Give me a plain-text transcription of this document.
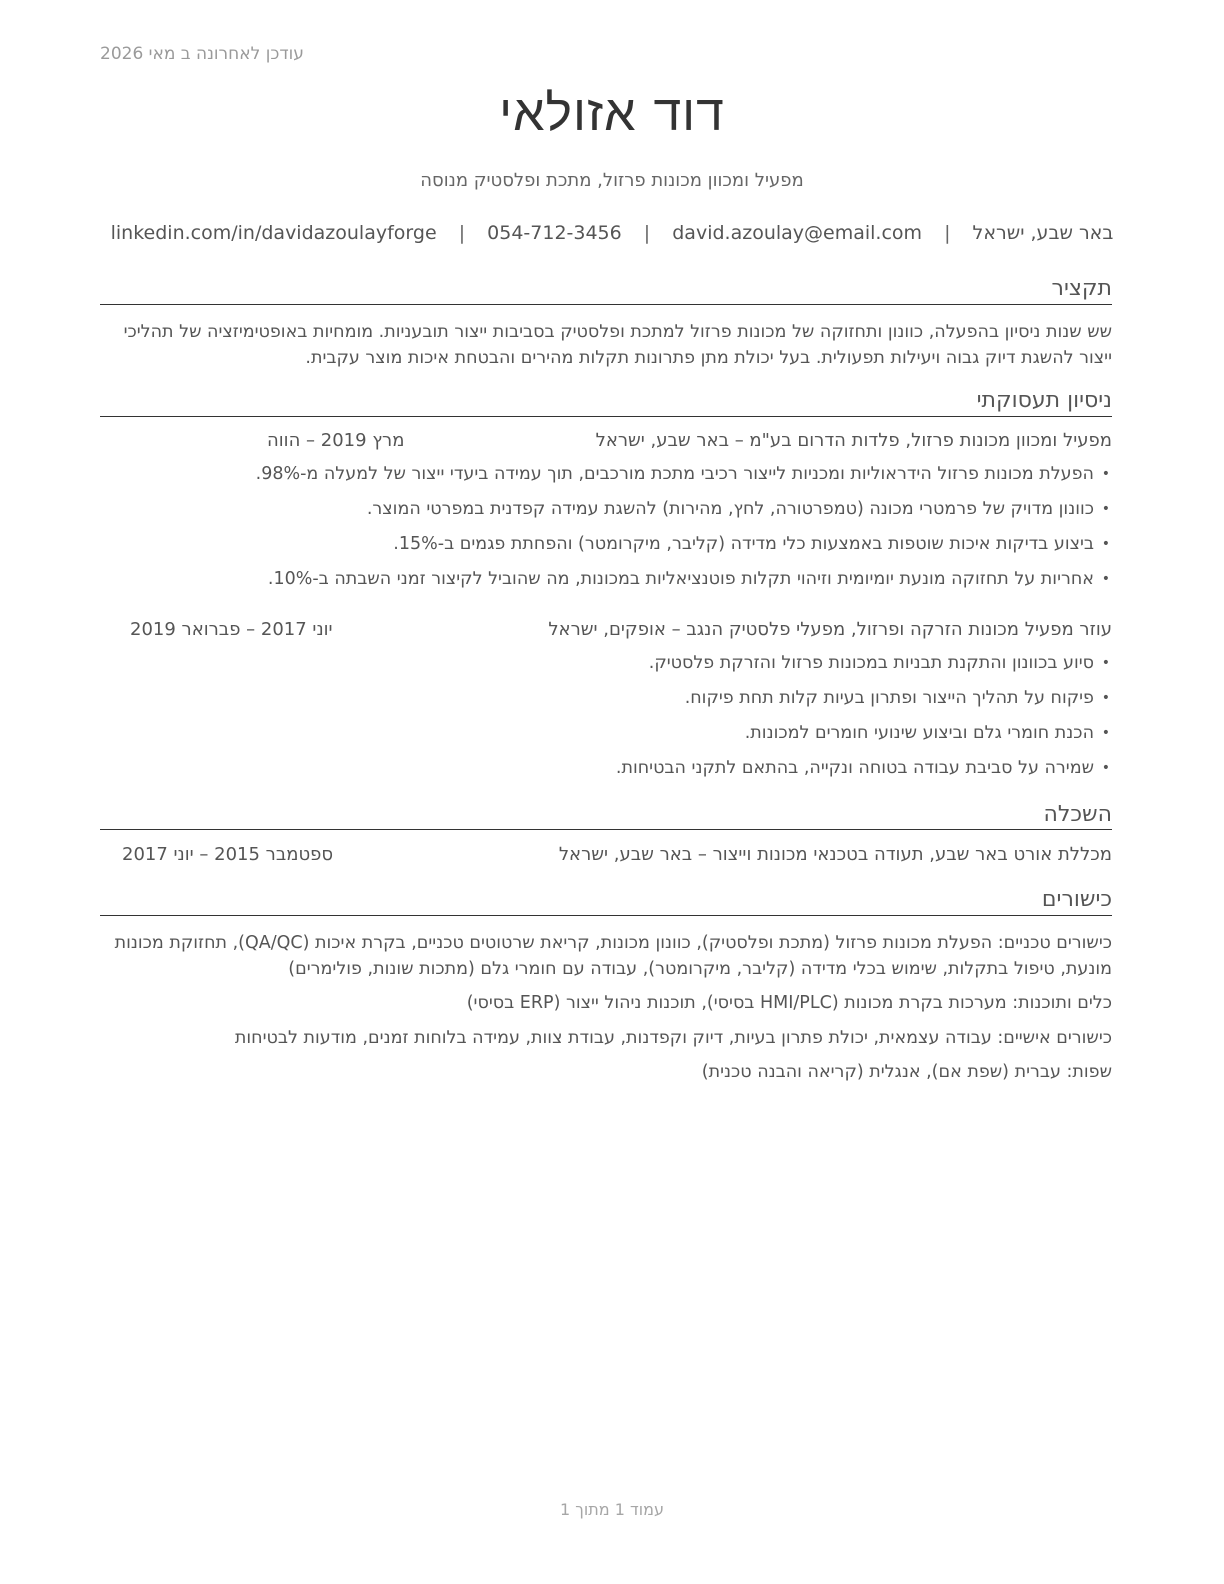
עודכן לאחרונה ב מאי 2026
דוד אזולאי
מפעיל ומכוון מכונות פרזול, מתכת ופלסטיק מנוסה
באר שבע, ישראל | david.azoulay@email.com | 054-712-3456 | linkedin.com/in/davidazoulayforge
תקציר
שש שנות ניסיון בהפעלה, כוונון ותחזוקה של מכונות פרזול למתכת ופלסטיק בסביבות ייצור תובעניות. מומחיות באופטימיזציה של תהליכי ייצור להשגת דיוק גבוה ויעילות תפעולית. בעל יכולת מתן פתרונות תקלות מהירים והבטחת איכות מוצר עקבית.
ניסיון תעסוקתי
מפעיל ומכוון מכונות פרזול, פלדות הדרום בע"מ – באר שבע, ישראל
מרץ 2019 – הווה
•
הפעלת מכונות פרזול הידראוליות ומכניות לייצור רכיבי מתכת מורכבים, תוך עמידה ביעדי ייצור של למעלה מ-98%.
•
כוונון מדויק של פרמטרי מכונה (טמפרטורה, לחץ, מהירות) להשגת עמידה קפדנית במפרטי המוצר.
•
ביצוע בדיקות איכות שוטפות באמצעות כלי מדידה (קליבר, מיקרומטר) והפחתת פגמים ב-15%.
•
אחריות על תחזוקה מונעת יומיומית וזיהוי תקלות פוטנציאליות במכונות, מה שהוביל לקיצור זמני השבתה ב-10%.
עוזר מפעיל מכונות הזרקה ופרזול, מפעלי פלסטיק הנגב – אופקים, ישראל
יוני 2017 – פברואר 2019
•
סיוע בכוונון והתקנת תבניות במכונות פרזול והזרקת פלסטיק.
•
פיקוח על תהליך הייצור ופתרון בעיות קלות תחת פיקוח.
•
הכנת חומרי גלם וביצוע שינועי חומרים למכונות.
•
שמירה על סביבת עבודה בטוחה ונקייה, בהתאם לתקני הבטיחות.
השכלה
מכללת אורט באר שבע, תעודה בטכנאי מכונות וייצור – באר שבע, ישראל
ספטמבר 2015 – יוני 2017
כישורים
כישורים טכניים: הפעלת מכונות פרזול (מתכת ופלסטיק), כוונון מכונות, קריאת שרטוטים טכניים, בקרת איכות (QA/QC), תחזוקת מכונות מונעת, טיפול בתקלות, שימוש בכלי מדידה (קליבר, מיקרומטר), עבודה עם חומרי גלם (מתכות שונות, פולימרים)
כלים ותוכנות: מערכות בקרת מכונות (HMI/PLC בסיסי), תוכנות ניהול ייצור (ERP בסיסי)
כישורים אישיים: עבודה עצמאית, יכולת פתרון בעיות, דיוק וקפדנות, עבודת צוות, עמידה בלוחות זמנים, מודעות לבטיחות
שפות: עברית (שפת אם), אנגלית (קריאה והבנה טכנית)
עמוד 1 מתוך 1
